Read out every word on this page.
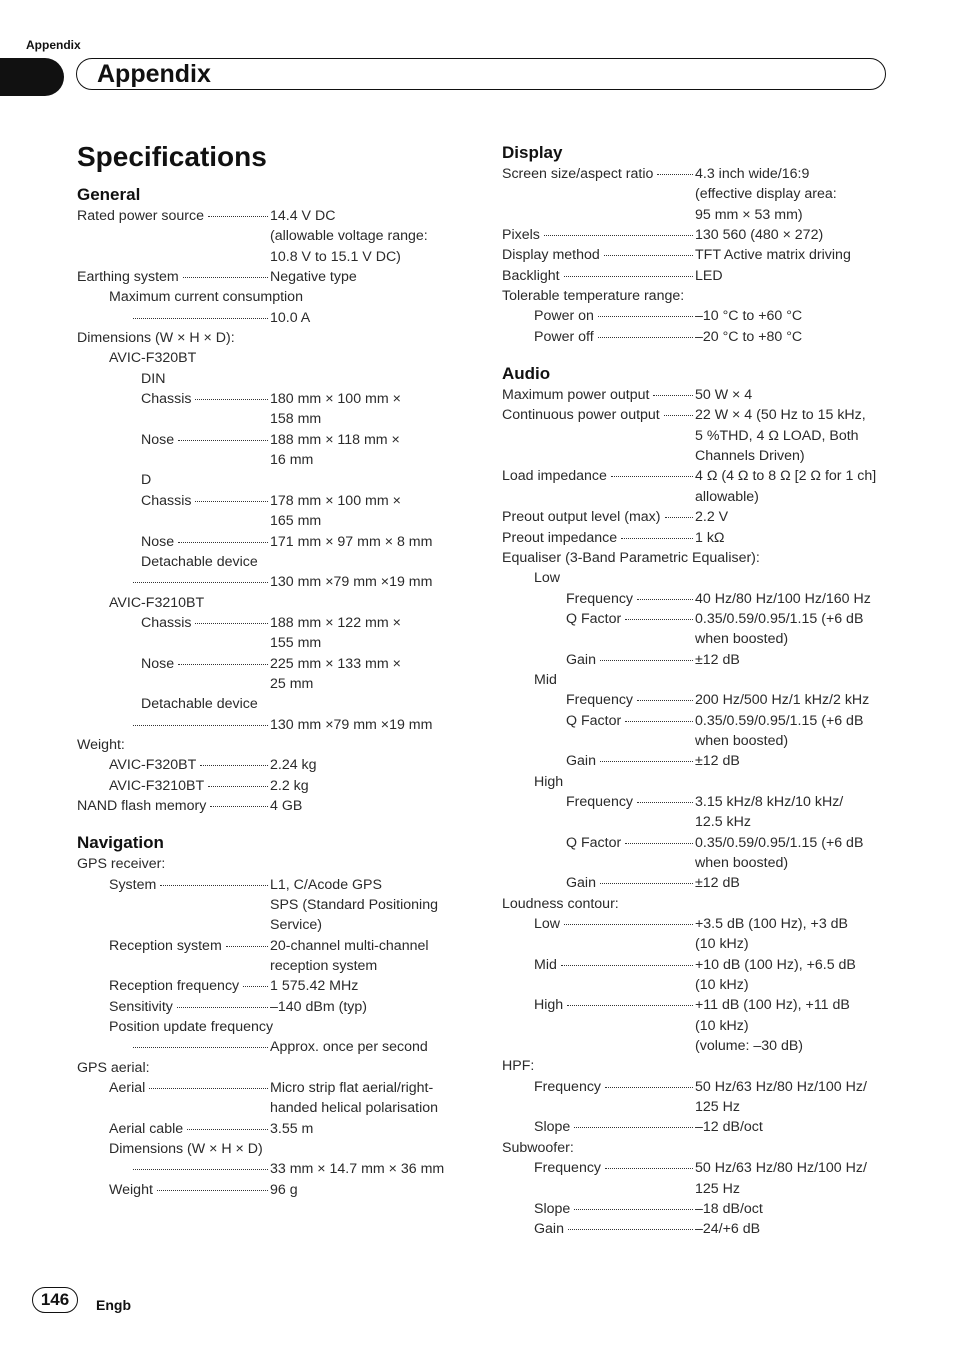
Appendix
Appendix
Specifications
General
Rated power source	14.4 V DC
(allowable voltage range:
10.8 V to 15.1 V DC)
Earthing system	Negative type
Maximum current consumption
10.0 A
Dimensions (W × H × D):
AVIC-F320BT
DIN
Chassis	180 mm × 100 mm ×
158 mm
Nose	188 mm × 118 mm ×
16 mm
D
Chassis	178 mm × 100 mm ×
165 mm
Nose	171 mm × 97 mm × 8 mm
Detachable device
130 mm ×79 mm ×19 mm
AVIC-F3210BT
Chassis	188 mm × 122 mm ×
155 mm
Nose	225 mm × 133 mm ×
25 mm
Detachable device
130 mm ×79 mm ×19 mm
Weight:
AVIC-F320BT	2.24 kg
AVIC-F3210BT	2.2 kg
NAND flash memory	4 GB
Navigation
GPS receiver:
System	L1, C/Acode GPS
SPS (Standard Positioning
Service)
Reception system	20-channel multi-channel
reception system
Reception frequency 1 575.42 MHz
Sensitivity	–140 dBm (typ)
Position update frequency
Approx. once per second
GPS aerial:
Aerial	Micro strip flat aerial/right-
handed helical polarisation
Aerial cable	3.55 m
Dimensions (W × H × D)
33 mm × 14.7 mm × 36 mm
Weight	96 g
Display
Screen size/aspect ratio	4.3 inch wide/16:9
(effective display area:
95 mm × 53 mm)
Pixels	130 560 (480 × 272)
Display method	TFT Active matrix driving
Backlight	LED
Tolerable temperature range:
Power on	–10 °C to +60 °C
Power off	–20 °C to +80 °C
Audio
Maximum power output	50 W × 4
Continuous power output 22 W × 4 (50 Hz to 15 kHz,
5 %THD, 4 Ω LOAD, Both
Channels Driven)
Load impedance	4 Ω (4 Ω to 8 Ω [2 Ω for 1 ch]
allowable)
Preout output level (max) 2.2 V
Preout impedance	1 kΩ
Equaliser (3-Band Parametric Equaliser):
Low
Frequency	40 Hz/80 Hz/100 Hz/160 Hz
Q Factor	0.35/0.59/0.95/1.15 (+6 dB
when boosted)
Gain	±12 dB
Mid
Frequency	200 Hz/500 Hz/1 kHz/2 kHz
Q Factor	0.35/0.59/0.95/1.15 (+6 dB
when boosted)
Gain	±12 dB
High
Frequency	3.15 kHz/8 kHz/10 kHz/
12.5 kHz
Q Factor	0.35/0.59/0.95/1.15 (+6 dB
when boosted)
Gain	±12 dB
Loudness contour:
Low	+3.5 dB (100 Hz), +3 dB
(10 kHz)
Mid	+10 dB (100 Hz), +6.5 dB
(10 kHz)
High	+11 dB (100 Hz), +11 dB
(10 kHz)
(volume: –30 dB)
HPF:
Frequency	50 Hz/63 Hz/80 Hz/100 Hz/
125 Hz
Slope	–12 dB/oct
Subwoofer:
Frequency	50 Hz/63 Hz/80 Hz/100 Hz/
125 Hz
Slope	–18 dB/oct
Gain	–24/+6 dB
146	Engb
